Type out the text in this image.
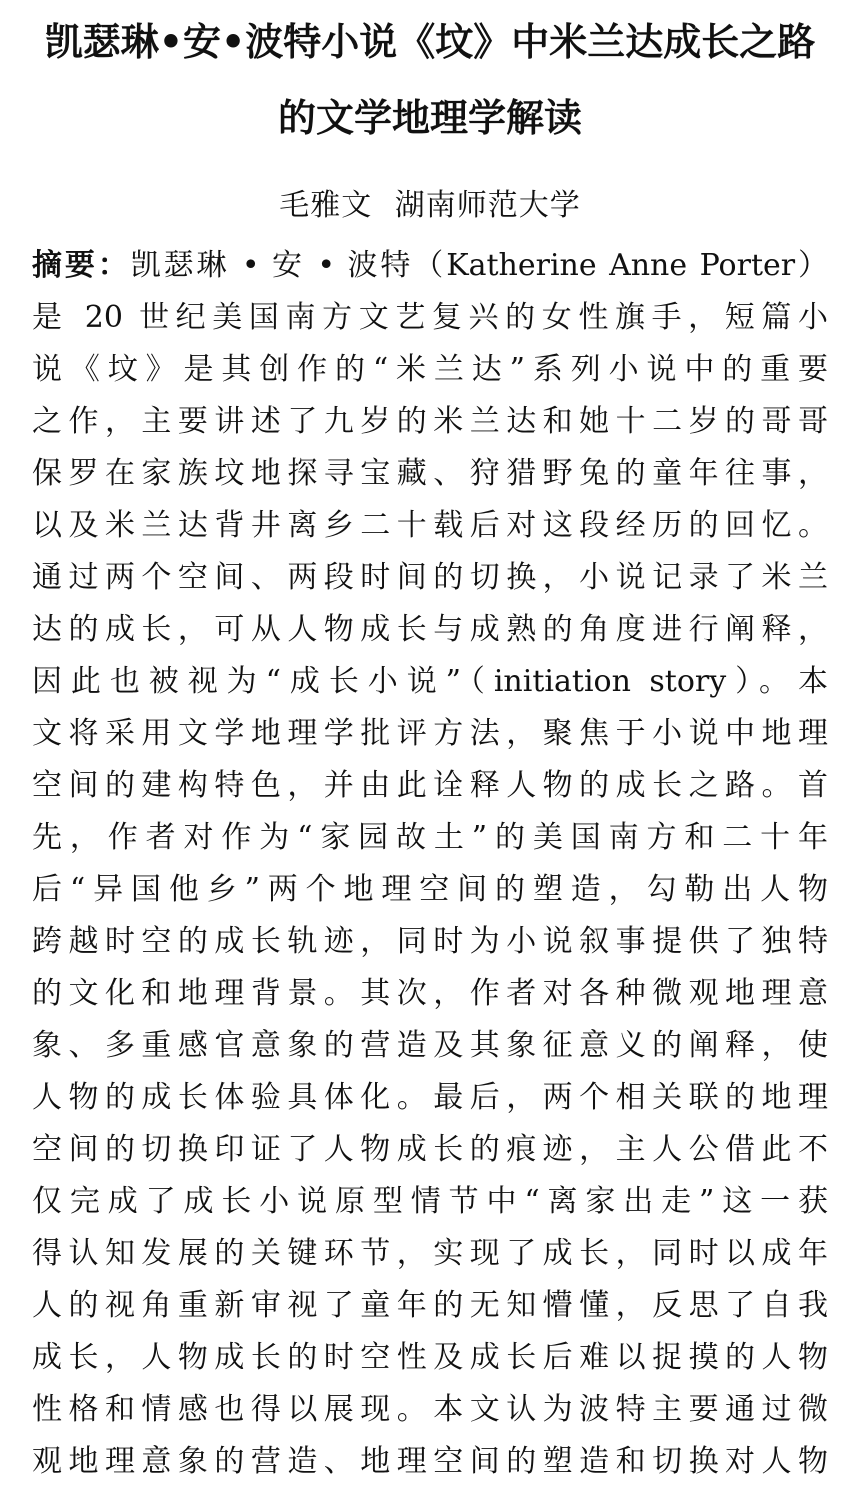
凯瑟琳•安•波特小说《坟》中米兰达成长之路
的文学地理学解读
毛雅文 湖南师范大学
摘要：凯瑟琳 • 安 • 波特（Katherine Anne Porter）
是 20 世纪美国南方文艺复兴的女性旗手，短篇小
说《坟》是其创作的“米兰达”系列小说中的重要
之作，主要讲述了九岁的米兰达和她十二岁的哥哥
保罗在家族坟地探寻宝藏、狩猎野兔的童年往事，
以及米兰达背井离乡二十载后对这段经历的回忆。
通过两个空间、两段时间的切换，小说记录了米兰
达的成长，可从人物成长与成熟的角度进行阐释，
因此也被视为“成长小说”（initiation story）。本
文将采用文学地理学批评方法，聚焦于小说中地理
空间的建构特色，并由此诠释人物的成长之路。首
先，作者对作为“家园故土”的美国南方和二十年
后“异国他乡”两个地理空间的塑造，勾勒出人物
跨越时空的成长轨迹，同时为小说叙事提供了独特
的文化和地理背景。其次，作者对各种微观地理意
象、多重感官意象的营造及其象征意义的阐释，使
人物的成长体验具体化。最后，两个相关联的地理
空间的切换印证了人物成长的痕迹，主人公借此不
仅完成了成长小说原型情节中“离家出走”这一获
得认知发展的关键环节，实现了成长，同时以成年
人的视角重新审视了童年的无知懵懂，反思了自我
成长，人物成长的时空性及成长后难以捉摸的人物
性格和情感也得以展现。本文认为波特主要通过微
观地理意象的营造、地理空间的塑造和切换对人物
